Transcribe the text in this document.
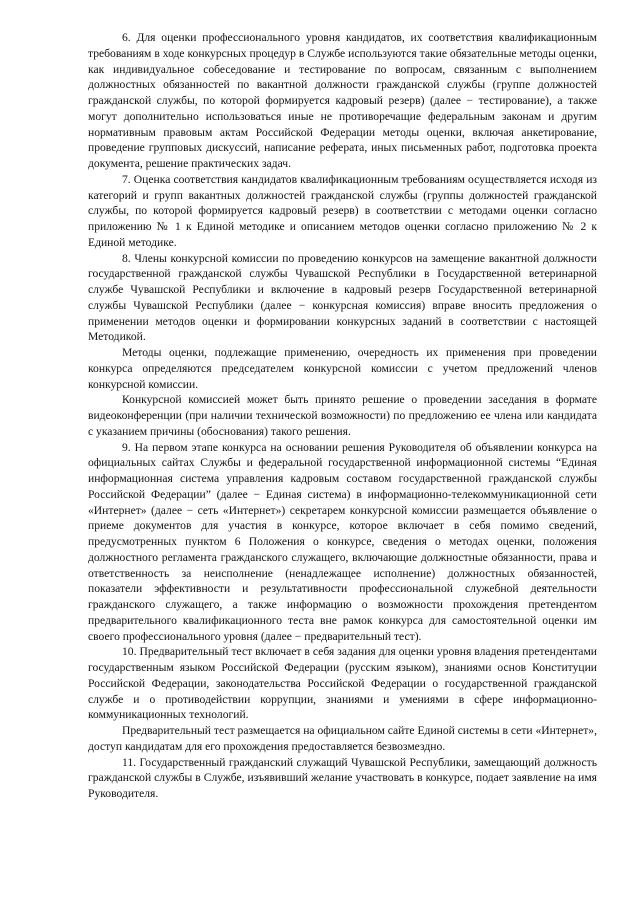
6. Для оценки профессионального уровня кандидатов, их соответствия квалификационным требованиям в ходе конкурсных процедур в Службе используются такие обязательные методы оценки, как индивидуальное собеседование и тестирование по вопросам, связанным с выполнением должностных обязанностей по вакантной должности гражданской службы (группе должностей гражданской службы, по которой формируется кадровый резерв) (далее − тестирование), а также могут дополнительно использоваться иные не противоречащие федеральным законам и другим нормативным правовым актам Российской Федерации методы оценки, включая анкетирование, проведение групповых дискуссий, написание реферата, иных письменных работ, подготовка проекта документа, решение практических задач.

7. Оценка соответствия кандидатов квалификационным требованиям осуществляется исходя из категорий и групп вакантных должностей гражданской службы (группы должностей гражданской службы, по которой формируется кадровый резерв) в соответствии с методами оценки согласно приложению № 1 к Единой методике и описанием методов оценки согласно приложению № 2 к Единой методике.

8. Члены конкурсной комиссии по проведению конкурсов на замещение вакантной должности государственной гражданской службы Чувашской Республики в Государственной ветеринарной службе Чувашской Республики и включение в кадровый резерв Государственной ветеринарной службы Чувашской Республики (далее − конкурсная комиссия) вправе вносить предложения о применении методов оценки и формировании конкурсных заданий в соответствии с настоящей Методикой.

Методы оценки, подлежащие применению, очередность их применения при проведении конкурса определяются председателем конкурсной комиссии с учетом предложений членов конкурсной комиссии.

Конкурсной комиссией может быть принято решение о проведении заседания в формате видеоконференции (при наличии технической возможности) по предложению ее члена или кандидата с указанием причины (обоснования) такого решения.

9. На первом этапе конкурса на основании решения Руководителя об объявлении конкурса на официальных сайтах Службы и федеральной государственной информационной системы “Единая информационная система управления кадровым составом государственной гражданской службы Российской Федерации” (далее − Единая система) в информационно-телекоммуникационной сети «Интернет» (далее − сеть «Интернет») секретарем конкурсной комиссии размещается объявление о приеме документов для участия в конкурсе, которое включает в себя помимо сведений, предусмотренных пунктом 6 Положения о конкурсе, сведения о методах оценки, положения должностного регламента гражданского служащего, включающие должностные обязанности, права и ответственность за неисполнение (ненадлежащее исполнение) должностных обязанностей, показатели эффективности и результативности профессиональной служебной деятельности гражданского служащего, а также информацию о возможности прохождения претендентом предварительного квалификационного теста вне рамок конкурса для самостоятельной оценки им своего профессионального уровня (далее − предварительный тест).

10. Предварительный тест включает в себя задания для оценки уровня владения претендентами государственным языком Российской Федерации (русским языком), знаниями основ Конституции Российской Федерации, законодательства Российской Федерации о государственной гражданской службе и о противодействии коррупции, знаниями и умениями в сфере информационно-коммуникационных технологий.

Предварительный тест размещается на официальном сайте Единой системы в сети «Интернет», доступ кандидатам для его прохождения предоставляется безвозмездно.

11. Государственный гражданский служащий Чувашской Республики, замещающий должность гражданской службы в Службе, изъявивший желание участвовать в конкурсе, подает заявление на имя Руководителя.
